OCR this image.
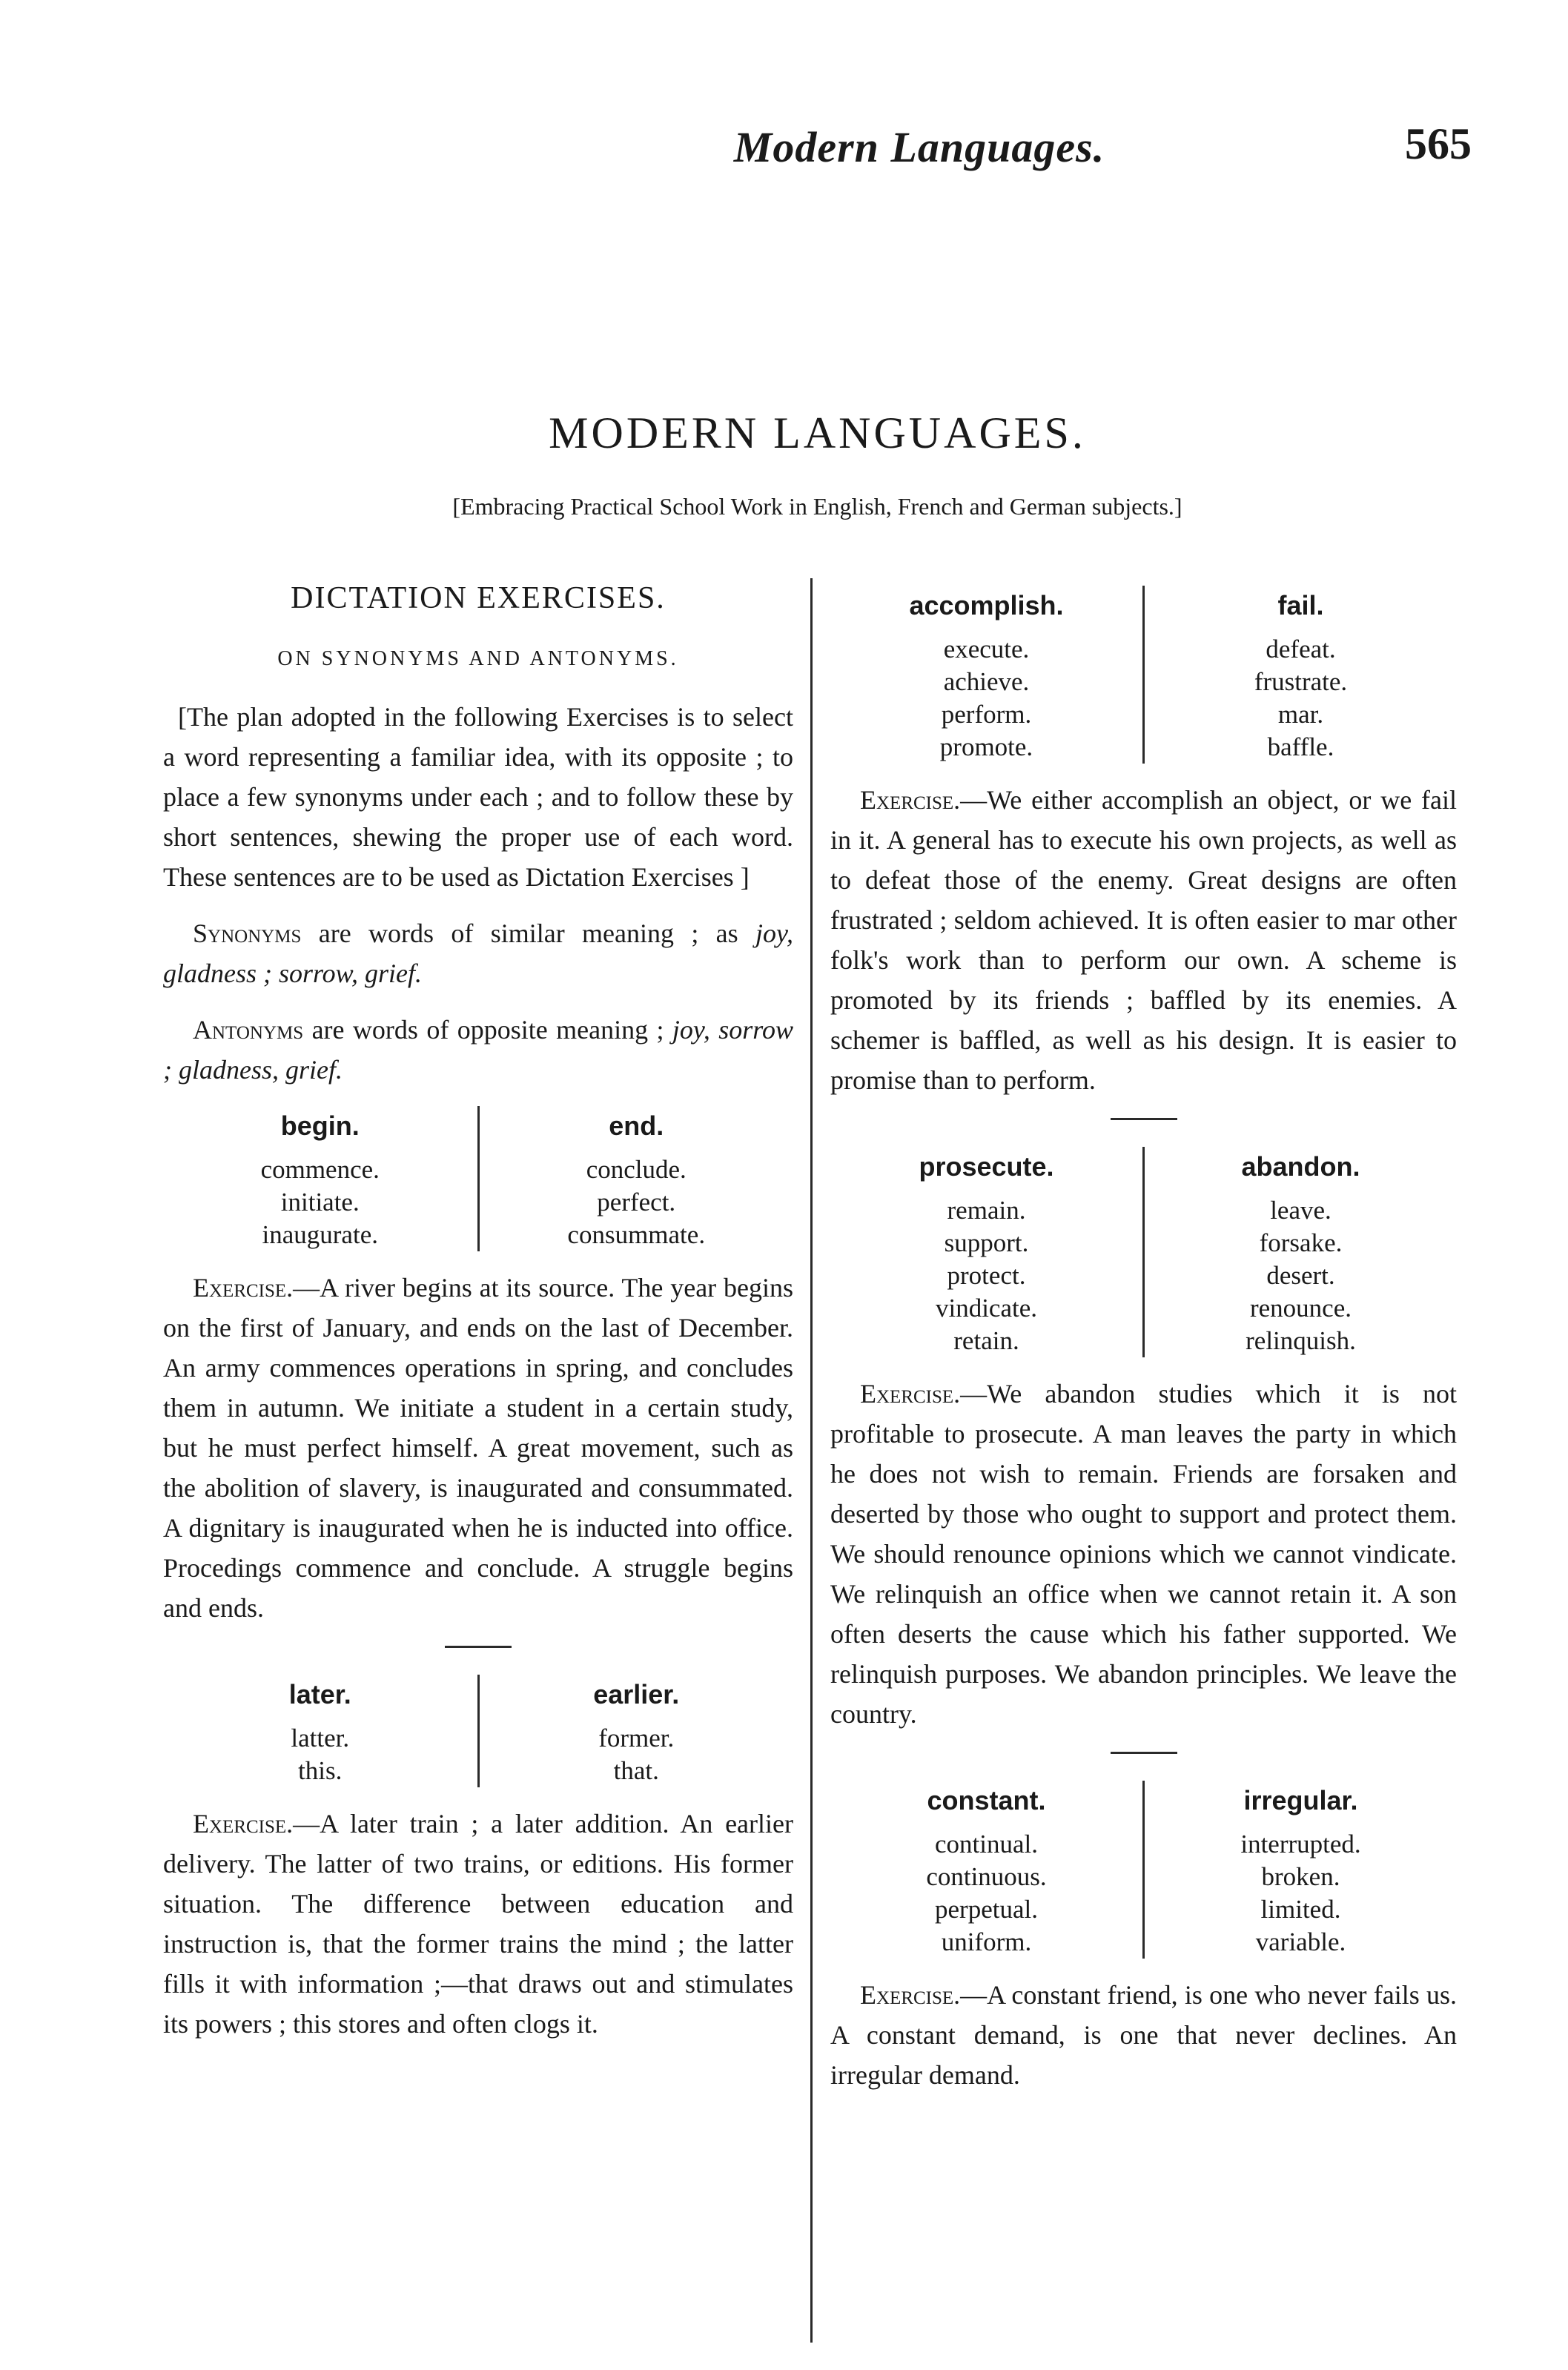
Modern Languages.	565
MODERN LANGUAGES.
[Embracing Practical School Work in English, French and German subjects.]
DICTATION EXERCISES.
ON SYNONYMS AND ANTONYMS.

[The plan adopted in the following Exercises is to select a word representing a familiar idea, with its opposite ; to place a few synonyms under each ; and to follow these by short sentences, shewing the proper use of each word. These sentences are to be used as Dictation Exercises ]

Synonyms are words of similar meaning ; as joy, gladness ; sorrow, grief.

Antonyms are words of opposite meaning ; joy, sorrow ; gladness, grief.

begin.
commence.
initiate.
inaugurate.
end.
conclude.
perfect.
consummate.

Exercise.—A river begins at its source. The year begins on the first of January, and ends on the last of December. An army commences operations in spring, and concludes them in autumn. We initiate a student in a certain study, but he must perfect himself. A great movement, such as the abolition of slavery, is inaugurated and consummated. A dignitary is inaugurated when he is inducted into office. Procedings commence and conclude. A struggle begins and ends.

later.
latter.
this.
earlier.
former.
that.

Exercise.—A later train ; a later addition. An earlier delivery. The latter of two trains, or editions. His former situation. The difference between education and instruction is, that the former trains the mind ; the latter fills it with information ;—that draws out and stimulates its powers ; this stores and often clogs it.

accomplish.
execute.
achieve.
perform.
promote.
fail.
defeat.
frustrate.
mar.
baffle.

Exercise.—We either accomplish an object, or we fail in it. A general has to execute his own projects, as well as to defeat those of the enemy. Great designs are often frustrated ; seldom achieved. It is often easier to mar other folk's work than to perform our own. A scheme is promoted by its friends ; baffled by its enemies. A schemer is baffled, as well as his design. It is easier to promise than to perform.

prosecute.
remain.
support.
protect.
vindicate.
retain.
abandon.
leave.
forsake.
desert.
renounce.
relinquish.

Exercise.—We abandon studies which it is not profitable to prosecute. A man leaves the party in which he does not wish to remain. Friends are forsaken and deserted by those who ought to support and protect them. We should renounce opinions which we cannot vindicate. We relinquish an office when we cannot retain it. A son often deserts the cause which his father supported. We relinquish purposes. We abandon principles. We leave the country.

constant.
continual.
continuous.
perpetual.
uniform.
irregular.
interrupted.
broken.
limited.
variable.

Exercise.—A constant friend, is one who never fails us. A constant demand, is one that never declines. An irregular demand.
